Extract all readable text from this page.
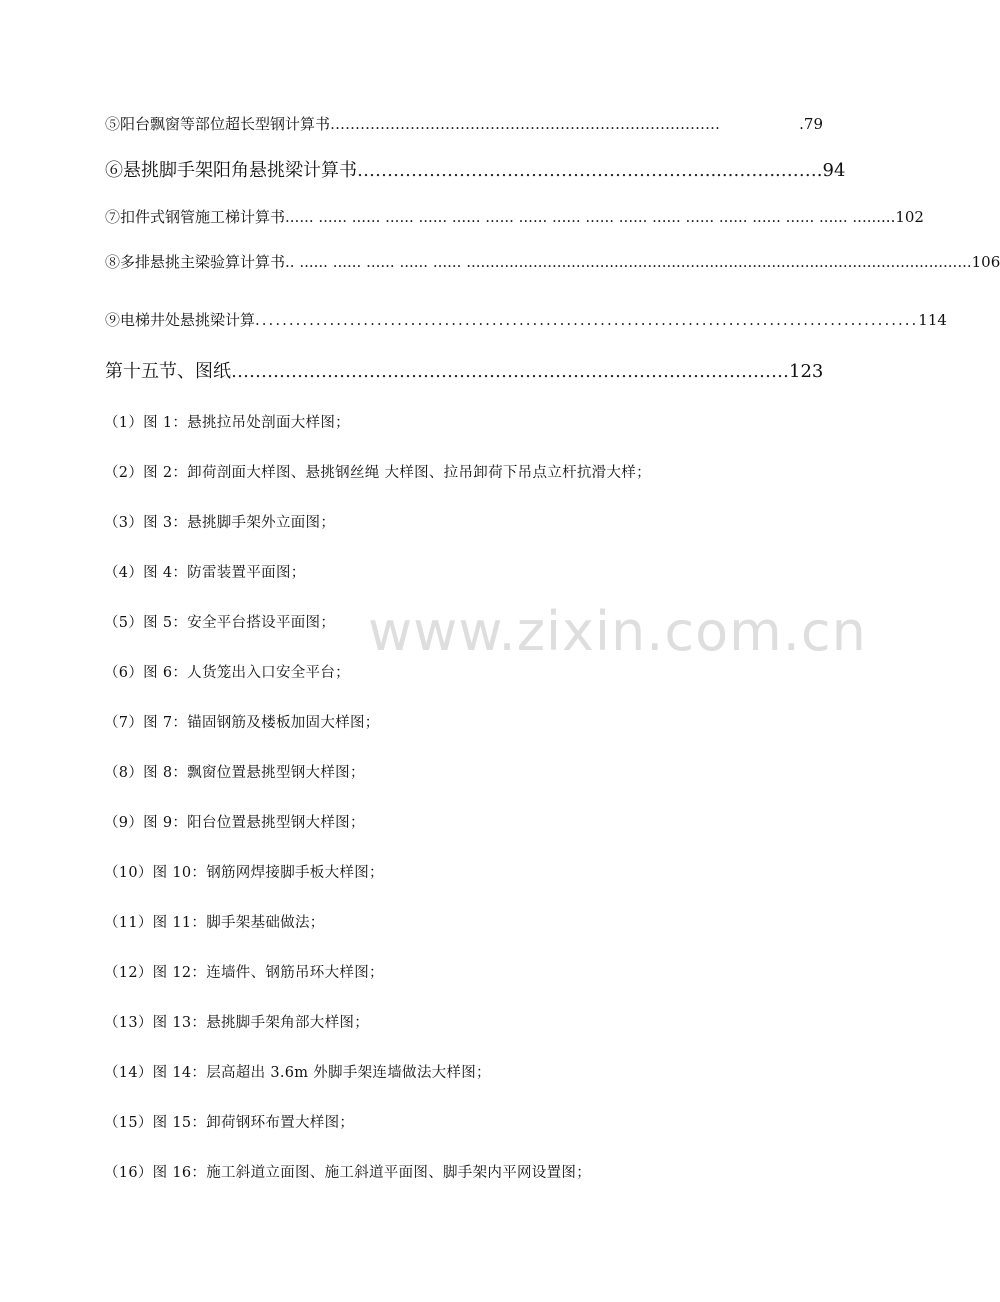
⑤阳台飘窗等部位超长型钢计算书 ……………………………………………………………………	.79
⑥悬挑脚手架阳角悬挑梁计算书 …………………………………………………......……..…… .94
⑦扣件式钢管施工梯计算书 ...... ...... ...... ...... ...... ...... ...... ...... ...... ...... ...... ...... ...... ...... ...... ...... ...... ...... ...102
⑧多排悬挑主梁验算计算书 .. ...... ...... ...... ...... ...... .......................................................................................................... 106
⑨电梯井处悬挑梁计算 .................................................................................................. 114
第十五节、图纸 ………………………………………………………………………………… 123
（1）图 1：悬挑拉吊处剖面大样图；
（2）图 2：卸荷剖面大样图、悬挑钢丝绳 大样图、拉吊卸荷下吊点立杆抗滑大样；
（3）图 3：悬挑脚手架外立面图；
（4）图 4：防雷装置平面图；
（5）图 5：安全平台搭设平面图；
（6）图 6：人货笼出入口安全平台；
（7）图 7：锚固钢筋及楼板加固大样图；
（8）图 8：飘窗位置悬挑型钢大样图；
（9）图 9：阳台位置悬挑型钢大样图；
（10）图 10：钢筋网焊接脚手板大样图；
（11）图 11：脚手架基础做法；
（12）图 12：连墙件、钢筋吊环大样图；
（13）图 13：悬挑脚手架角部大样图；
（14）图 14：层高超出 3.6m 外脚手架连墙做法大样图；
（15）图 15：卸荷钢环布置大样图；
（16）图 16：施工斜道立面图、施工斜道平面图、脚手架内平网设置图；
www.zixin.com.cn
